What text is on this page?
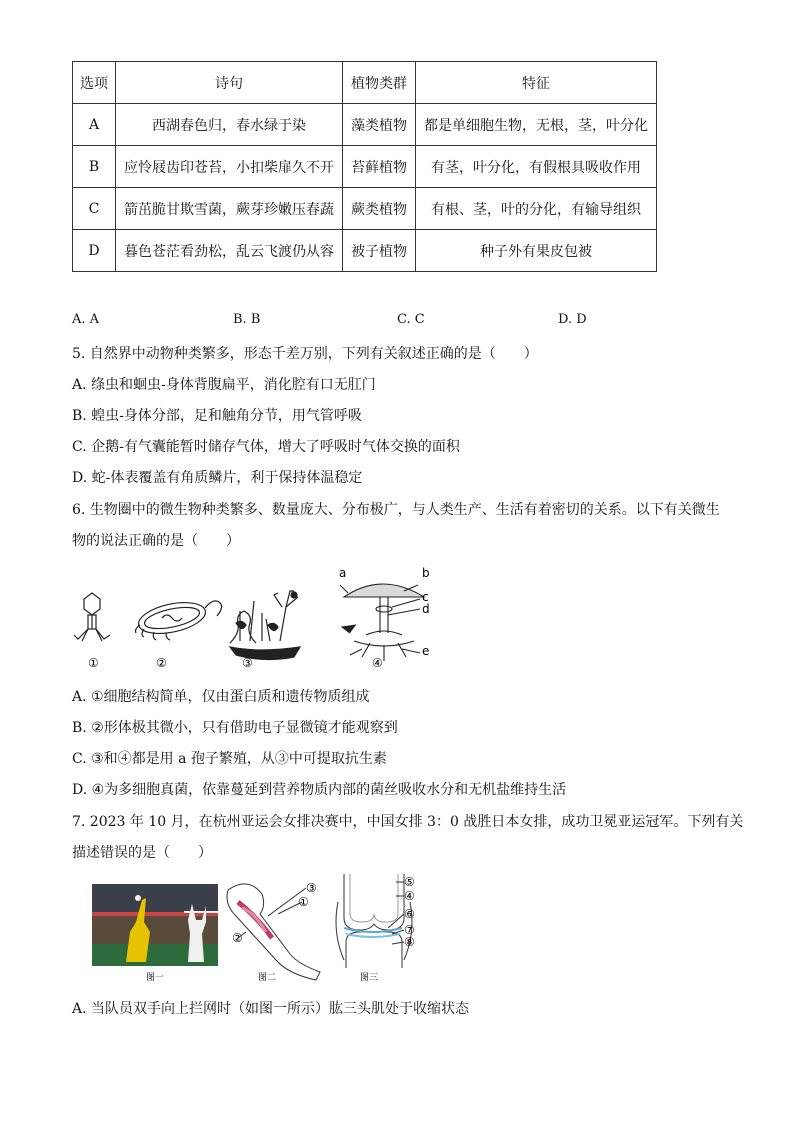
选项	诗句	植物类群	特征
A	西湖春色归，春水绿于染	藻类植物	都是单细胞生物，无根，茎，叶分化
B	应怜屐齿印苍苔，小扣柴扉久不开	苔藓植物	有茎，叶分化，有假根具吸收作用
C	箭茁脆甘欺雪菌，蕨芽珍嫩压春蔬	蕨类植物	有根、茎，叶的分化，有输导组织
D	暮色苍茫看劲松，乱云飞渡仍从容	被子植物	种子外有果皮包被
A. A	B. B	C. C	D. D
5. 自然界中动物种类繁多，形态千差万别，下列有关叙述正确的是（　　）
A. 绦虫和蛔虫-身体背腹扁平，消化腔有口无肛门
B. 蝗虫-身体分部，足和触角分节，用气管呼吸
C. 企鹅-有气囊能暂时储存气体，增大了呼吸时气体交换的面积
D. 蛇-体表覆盖有角质鳞片，利于保持体温稳定
6. 生物圈中的微生物种类繁多、数量庞大、分布极广，与人类生产、生活有着密切的关系。以下有关微生
物的说法正确的是（　　）
a	b
c
d
e
①	②	③	④
A. ①细胞结构简单，仅由蛋白质和遗传物质组成
B. ②形体极其微小，只有借助电子显微镜才能观察到
C. ③和④都是用 a 孢子繁殖，从③中可提取抗生素
D. ④为多细胞真菌，依靠蔓延到营养物质内部的菌丝吸收水分和无机盐维持生活
7. 2023 年 10 月，在杭州亚运会女排决赛中，中国女排 3：0 战胜日本女排，成功卫冕亚运冠军。下列有关
描述错误的是（　　）
③
①
②
⑤
④
⑥
⑦
⑧
图一	图二	图三
A. 当队员双手向上拦网时（如图一所示）肱三头肌处于收缩状态
